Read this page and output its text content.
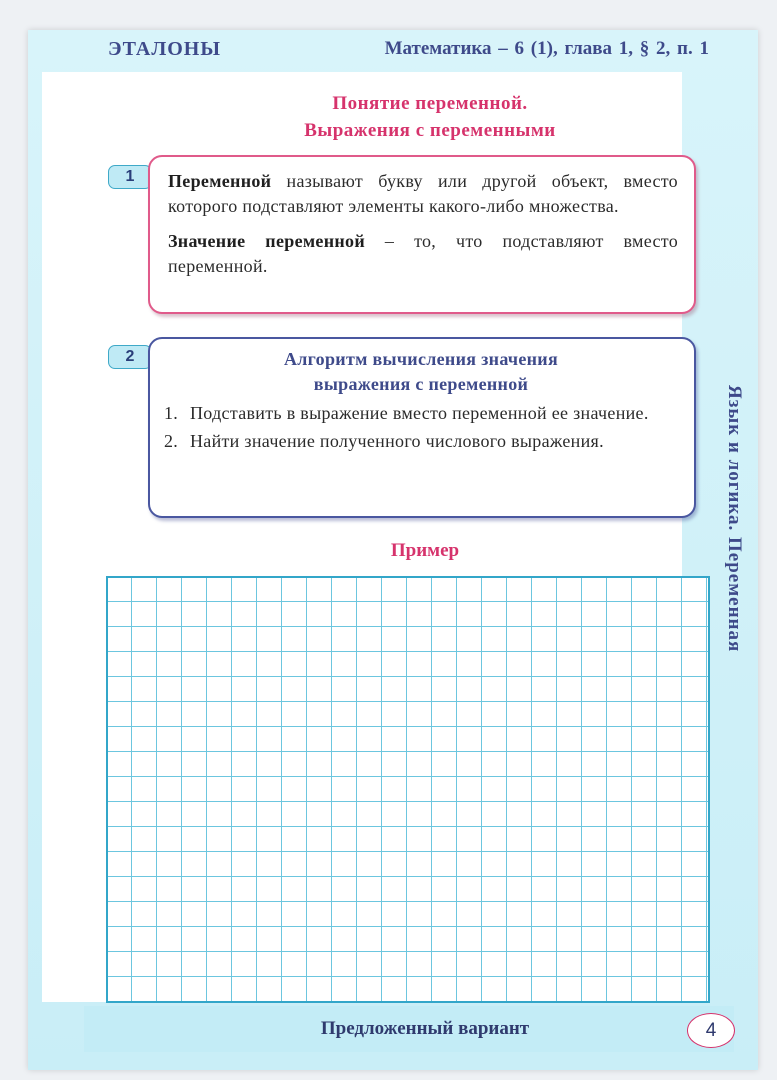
ЭТАЛОНЫ	Математика – 6 (1), глава 1, § 2, п. 1
Понятие переменной.
Выражения с переменными
1	Переменной называют букву или другой объект, вместо которого подставляют элементы какого-либо множества.

Значение переменной – то, что подставляют вместо переменной.

2	Алгоритм вычисления значения
выражения с переменной
1. Подставить в выражение вместо переменной ее значение.
2. Найти значение полученного числового выражения.
Пример	Язык и логика. Переменная
Предложенный вариант	4
